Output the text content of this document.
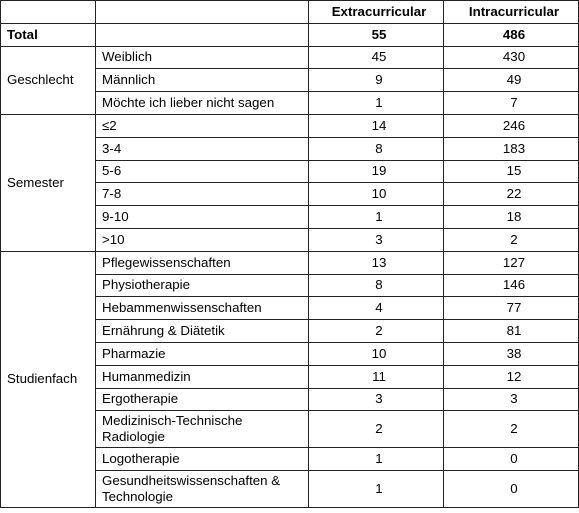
		Extracurricular	Intracurricular
Total		55	486
Geschlecht	Weiblich	45	430
	Männlich	9	49
	Möchte ich lieber nicht sagen	1	7
Semester	≤2	14	246
	3-4	8	183
	5-6	19	15
	7-8	10	22
	9-10	1	18
	>10	3	2
Studienfach	Pflegewissenschaften	13	127
	Physiotherapie	8	146
	Hebammenwissenschaften	4	77
	Ernährung & Diätetik	2	81
	Pharmazie	10	38
	Humanmedizin	11	12
	Ergotherapie	3	3
	Medizinisch-Technische Radiologie	2	2
	Logotherapie	1	0
	Gesundheitswissenschaften & Technologie	1	0
